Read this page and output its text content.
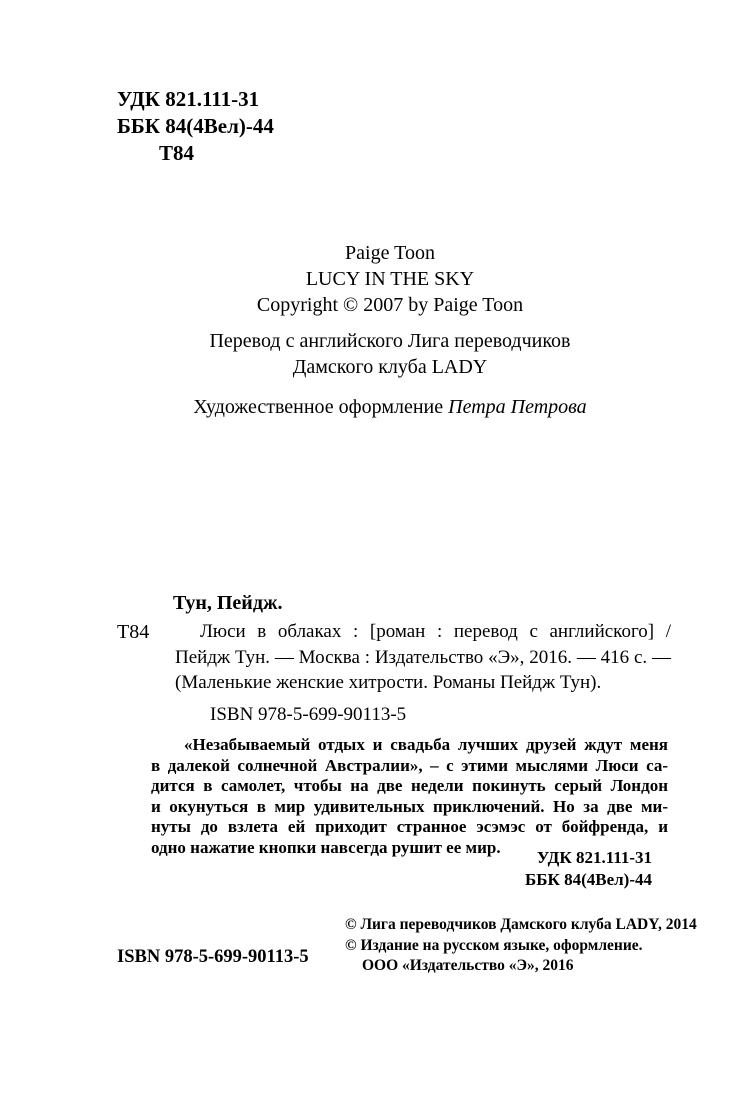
УДК 821.111-31
ББК 84(4Вел)-44
Т84
Paige Toon
LUCY IN THE SKY
Copyright © 2007 by Paige Toon
Перевод с английского Лига переводчиков
Дамского клуба LADY
Художественное оформление Петра Петрова
Тун, Пейдж.
Т84	Люси в облаках : [роман : перевод с английского] /
Пейдж Тун. — Москва : Издательство «Э», 2016. — 416 с. —
(Маленькие женские хитрости. Романы Пейдж Тун).
ISBN 978-5-699-90113-5
«Незабываемый отдых и свадьба лучших друзей ждут меня
в далекой солнечной Австралии», – с этими мыслями Люси са-
дится в самолет, чтобы на две недели покинуть серый Лондон
и окунуться в мир удивительных приключений. Но за две ми-
нуты до взлета ей приходит странное эсэмэс от бойфренда, и
одно нажатие кнопки навсегда рушит ее мир.
УДК 821.111-31
ББК 84(4Вел)-44
© Лига переводчиков Дамского клуба LADY, 2014
© Издание на русском языке, оформление.
ООО «Издательство «Э», 2016
ISBN 978-5-699-90113-5
